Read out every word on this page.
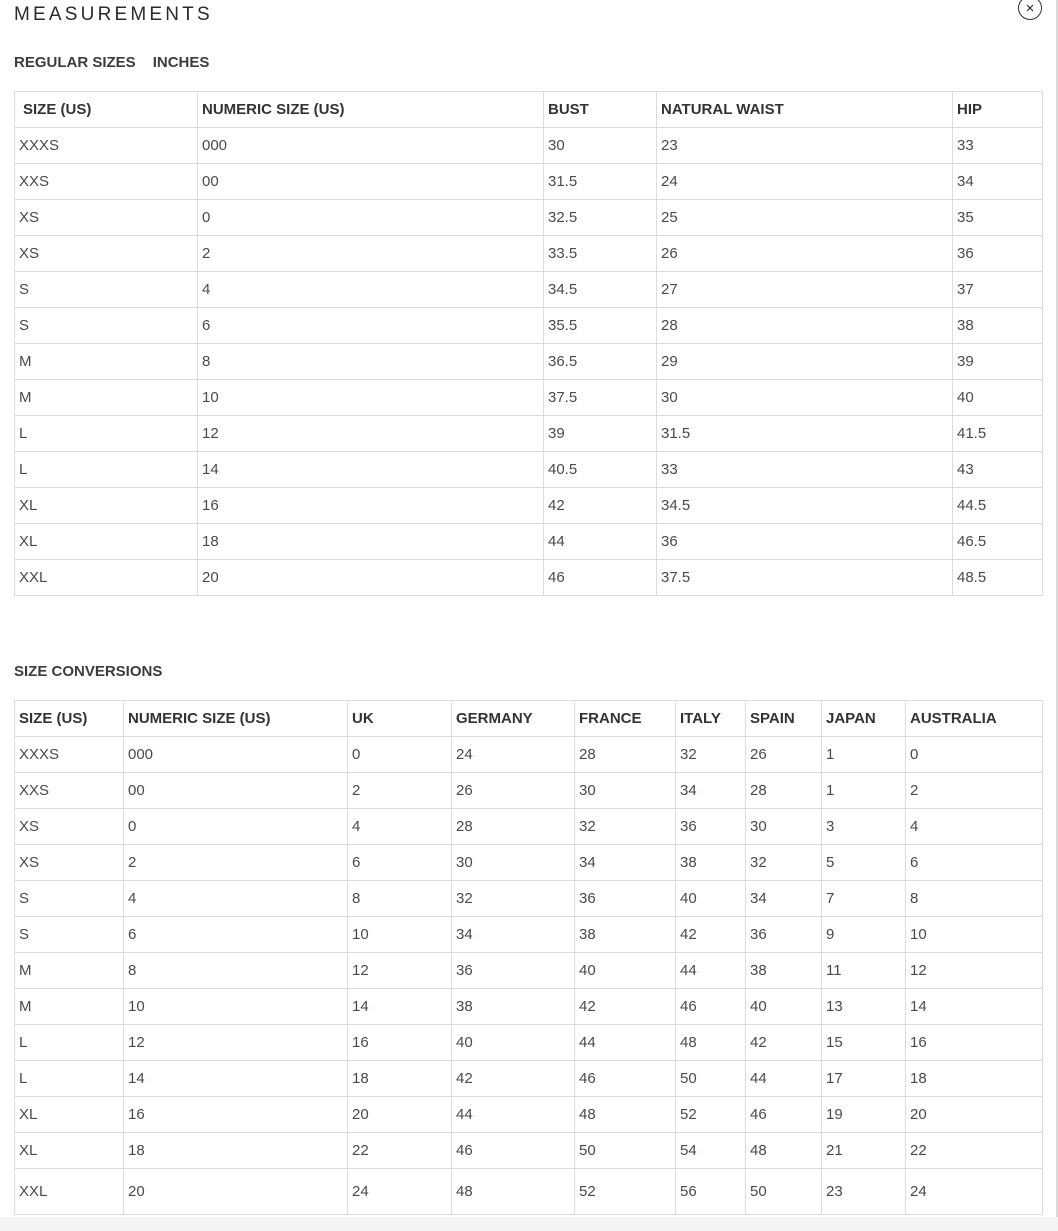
MEASUREMENTS	×
REGULAR SIZES INCHES
SIZE (US)	NUMERIC SIZE (US)	BUST	NATURAL WAIST	HIP
XXXS	000	30	23	33
XXS	00	31.5	24	34
XS	0	32.5	25	35
XS	2	33.5	26	36
S	4	34.5	27	37
S	6	35.5	28	38
M	8	36.5	29	39
M	10	37.5	30	40
L	12	39	31.5	41.5
L	14	40.5	33	43
XL	16	42	34.5	44.5
XL	18	44	36	46.5
XXL	20	46	37.5	48.5
SIZE CONVERSIONS
SIZE (US)	NUMERIC SIZE (US)	UK	GERMANY	FRANCE	ITALY	SPAIN	JAPAN	AUSTRALIA
XXXS	000	0	24	28	32	26	1	0
XXS	00	2	26	30	34	28	1	2
XS	0	4	28	32	36	30	3	4
XS	2	6	30	34	38	32	5	6
S	4	8	32	36	40	34	7	8
S	6	10	34	38	42	36	9	10
M	8	12	36	40	44	38	11	12
M	10	14	38	42	46	40	13	14
L	12	16	40	44	48	42	15	16
L	14	18	42	46	50	44	17	18
XL	16	20	44	48	52	46	19	20
XL	18	22	46	50	54	48	21	22
XXL	20	24	48	52	56	50	23	24
